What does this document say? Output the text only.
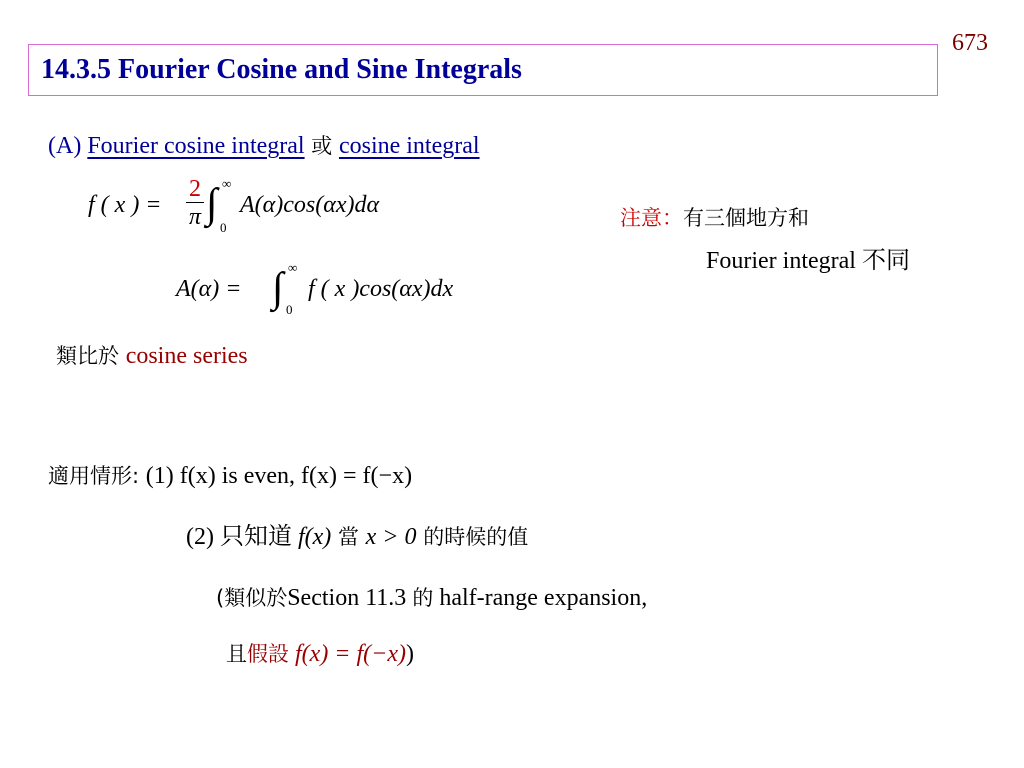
673
14.3.5 Fourier Cosine and Sine Integrals
(A) Fourier cosine integral 或 cosine integral
f ( x ) = $\frac{2}{\pi}$ ∫ ∞
0
A(α)cos(αx)dα
A(α) = ∫ ∞
0
f ( x )cos(αx)dx
注意：有三個地方和
Fourier integral 不同
類比於 cosine series
適用情形: (1) f(x) is even, f(x) = f(−x)
(2) 只知道 f(x) 當 x > 0 的時候的值
(類似於Section 11.3 的 half-range expansion,
且假設 f(x) = f(−x))
